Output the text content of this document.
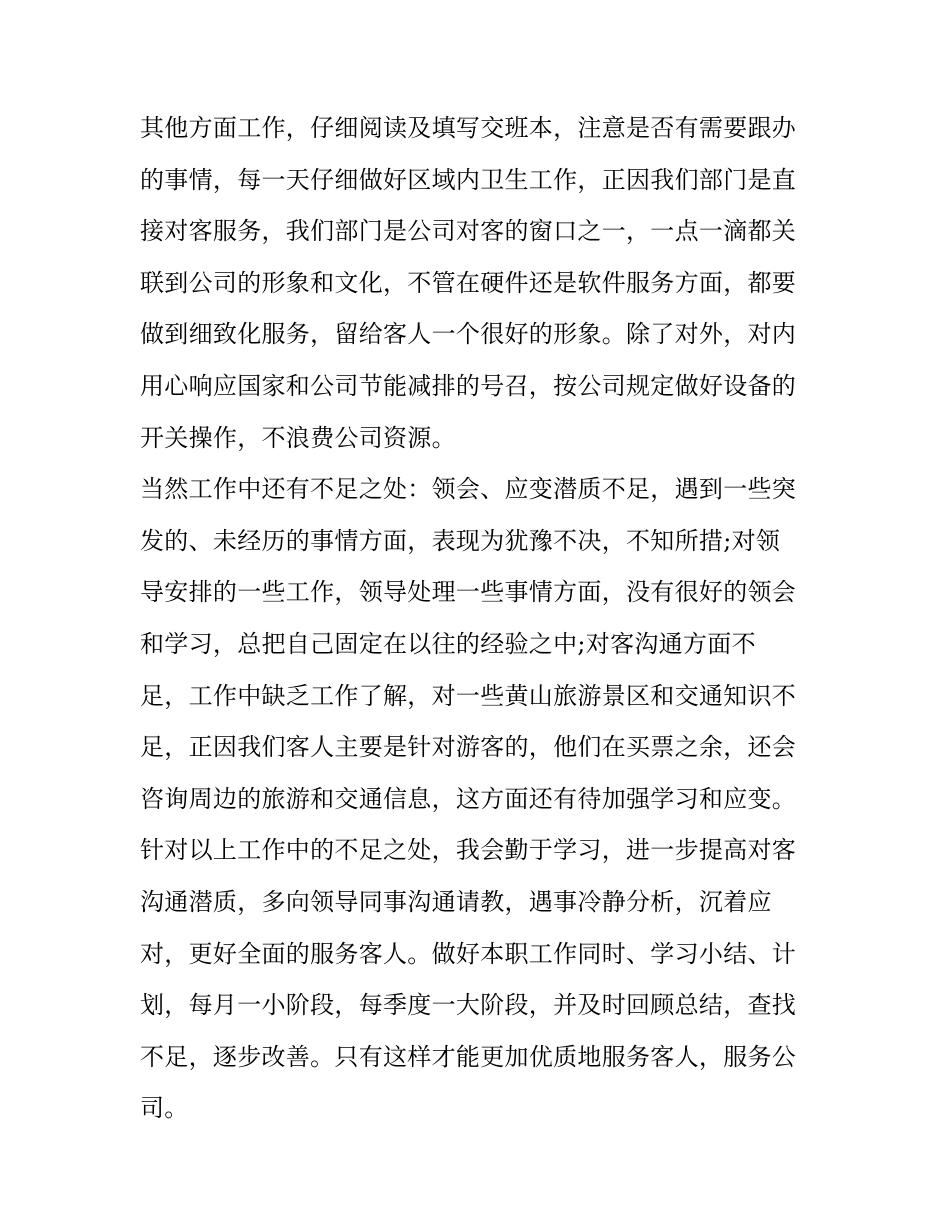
其他方面工作，仔细阅读及填写交班本，注意是否有需要跟办
的事情，每一天仔细做好区域内卫生工作，正因我们部门是直
接对客服务，我们部门是公司对客的窗口之一，一点一滴都关
联到公司的形象和文化，不管在硬件还是软件服务方面，都要
做到细致化服务，留给客人一个很好的形象。除了对外，对内
用心响应国家和公司节能减排的号召，按公司规定做好设备的
开关操作，不浪费公司资源。
当然工作中还有不足之处：领会、应变潜质不足，遇到一些突
发的、未经历的事情方面，表现为犹豫不决，不知所措;对领
导安排的一些工作，领导处理一些事情方面，没有很好的领会
和学习，总把自己固定在以往的经验之中;对客沟通方面不
足，工作中缺乏工作了解，对一些黄山旅游景区和交通知识不
足，正因我们客人主要是针对游客的，他们在买票之余，还会
咨询周边的旅游和交通信息，这方面还有待加强学习和应变。
针对以上工作中的不足之处，我会勤于学习，进一步提高对客
沟通潜质，多向领导同事沟通请教，遇事冷静分析，沉着应
对，更好全面的服务客人。做好本职工作同时、学习小结、计
划，每月一小阶段，每季度一大阶段，并及时回顾总结，查找
不足，逐步改善。只有这样才能更加优质地服务客人，服务公
司。
